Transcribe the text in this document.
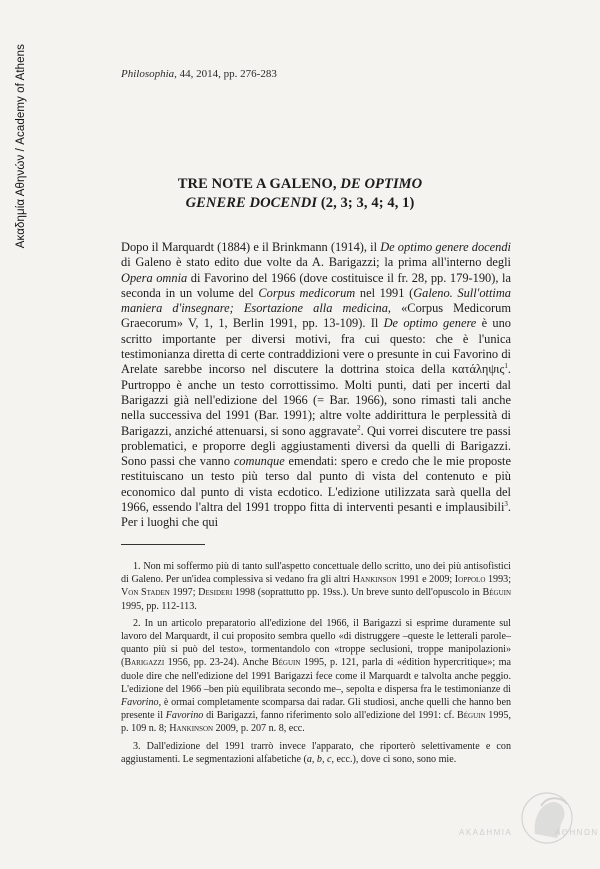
Ακαδημία Αθηνών / Academy of Athens	Philosophia, 44, 2014, pp. 276-283
TRE NOTE A GALENO, DE OPTIMO
GENERE DOCENDI (2, 3; 3, 4; 4, 1)

Dopo il Marquardt (1884) e il Brinkmann (1914), il De optimo genere docendi di Galeno è stato edito due volte da A. Barigazzi; la prima all'interno degli Opera omnia di Favorino del 1966 (dove costituisce il fr. 28, pp. 179-190), la seconda in un volume del Corpus medicorum nel 1991 (Galeno. Sull'ottima maniera d'insegnare; Esortazione alla medicina, «Corpus Medicorum Graecorum» V, 1, 1, Berlin 1991, pp. 13-109). Il De optimo genere è uno scritto importante per diversi motivi, fra cui questo: che è l'unica testimonianza diretta di certe contraddizioni vere o presunte in cui Favorino di Arelate sarebbe incorso nel discutere la dottrina stoica della κατάληψις$^1$. Purtroppo è anche un testo corrottissimo. Molti punti, dati per incerti dal Barigazzi già nell'edizione del 1966 (= Bar. 1966), sono rimasti tali anche nella successiva del 1991 (Bar. 1991); altre volte addirittura le perplessità di Barigazzi, anziché attenuarsi, si sono aggravate$^2$. Qui vorrei discutere tre passi problematici, e proporre degli aggiustamenti diversi da quelli di Barigazzi. Sono passi che vanno comunque emendati: spero e credo che le mie proposte restituiscano un testo più terso dal punto di vista del contenuto e più economico dal punto di vista ecdotico. L'edizione utilizzata sarà quella del 1966, essendo l'altra del 1991 troppo fitta di interventi pesanti e implausibili$^3$. Per i luoghi che qui

1. Non mi soffermo più di tanto sull'aspetto concettuale dello scritto, uno dei più antisofistici di Galeno. Per un'idea complessiva si vedano fra gli altri Hankinson 1991 e 2009; Ioppolo 1993; Von Staden 1997; Desideri 1998 (soprattutto pp. 19ss.). Un breve sunto dell'opuscolo in Béguin 1995, pp. 112-113.

2. In un articolo preparatorio all'edizione del 1966, il Barigazzi si esprime duramente sul lavoro del Marquardt, il cui proposito sembra quello «di distruggere –queste le letterali parole– quanto più si può del testo», tormentandolo con «troppe seclusioni, troppe manipolazioni» (Barigazzi 1956, pp. 23-24). Anche Béguin 1995, p. 121, parla di «édition hypercritique»; ma duole dire che nell'edizione del 1991 Barigazzi fece come il Marquardt e talvolta anche peggio. L'edizione del 1966 –ben più equilibrata secondo me–, sepolta e dispersa fra le testimonianze di Favorino, è ormai completamente scomparsa dai radar. Gli studiosi, anche quelli che hanno ben presente il Favorino di Barigazzi, fanno riferimento solo all'edizione del 1991: cf. Béguin 1995, p. 109 n. 8; Hankinson 2009, p. 207 n. 8, ecc.

3. Dall'edizione del 1991 trarrò invece l'apparato, che riporterò selettivamente e con aggiustamenti. Le segmentazioni alfabetiche (a, b, c, ecc.), dove ci sono, sono mie.

ΑΚΑΔΗΜΙΑ	ΑΘΗΝΩΝ
